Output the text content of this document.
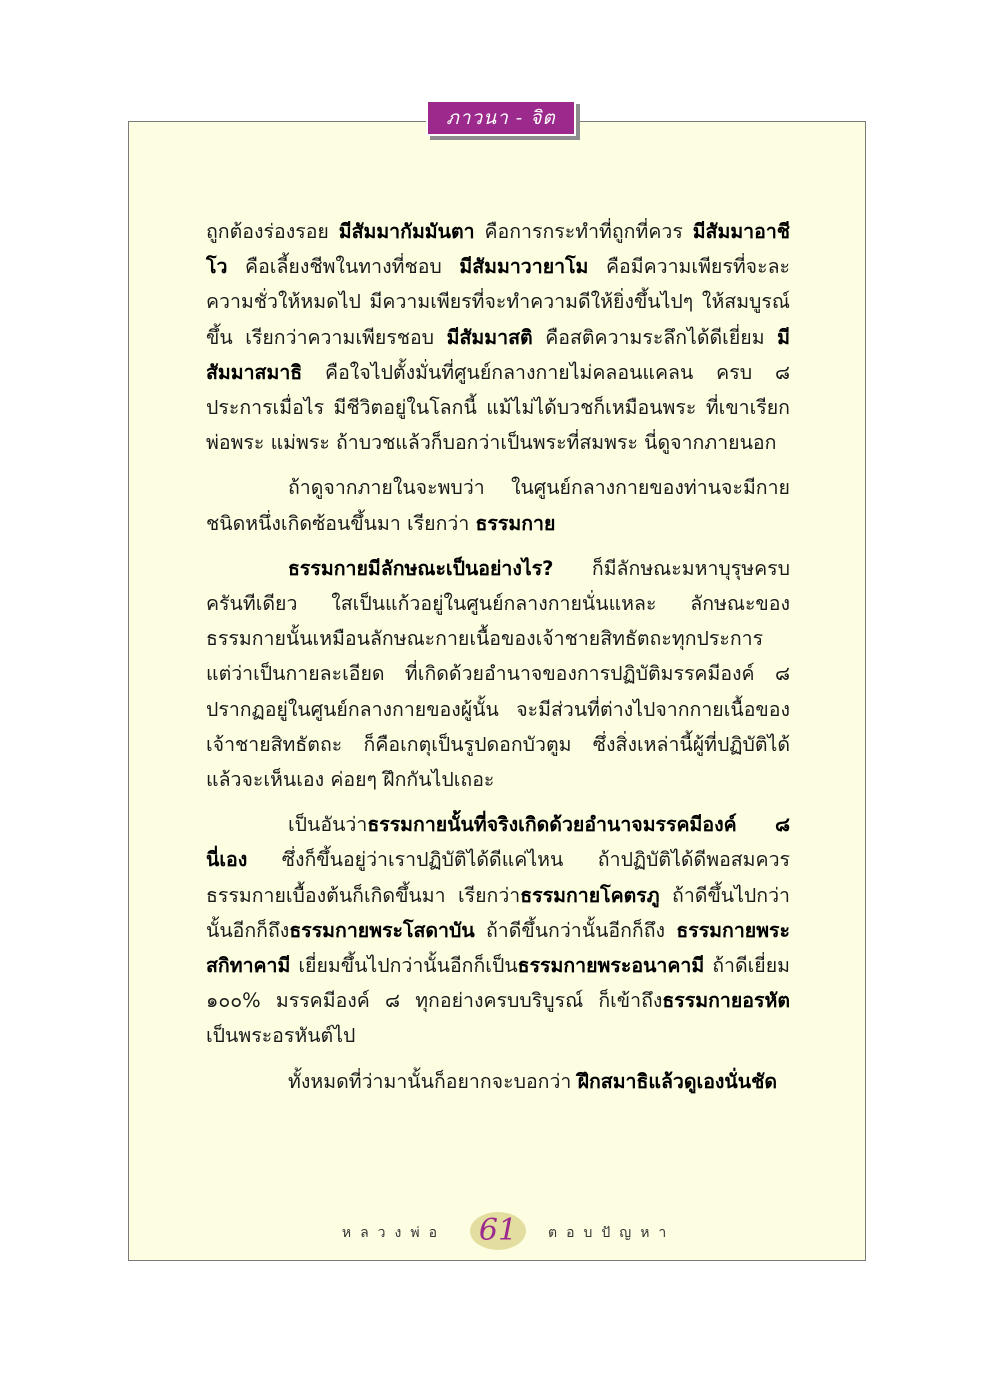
ภาวนา - จิต

ถูกต้องร่องรอย มีสัมมากัมมันตา คือการกระทำที่ถูกที่ควร มีสัมมาอาชีโว คือเลี้ยงชีพในทางที่ชอบ มีสัมมาวายาโม คือมีความเพียรที่จะละความชั่วให้หมดไป มีความเพียรที่จะทำความดีให้ยิ่งขึ้นไปๆ ให้สมบูรณ์ขึ้น เรียกว่าความเพียรชอบ มีสัมมาสติ คือสติความระลึกได้ดีเยี่ยม มีสัมมาสมาธิ คือใจไปตั้งมั่นที่ศูนย์กลางกายไม่คลอนแคลน ครบ ๘ ประการเมื่อไร มีชีวิตอยู่ในโลกนี้ แม้ไม่ได้บวชก็เหมือนพระ ที่เขาเรียกพ่อพระ แม่พระ ถ้าบวชแล้วก็บอกว่าเป็นพระที่สมพระ นี่ดูจากภายนอก

ถ้าดูจากภายในจะพบว่า ในศูนย์กลางกายของท่านจะมีกายชนิดหนึ่งเกิดซ้อนขึ้นมา เรียกว่า ธรรมกาย

ธรรมกายมีลักษณะเป็นอย่างไร? ก็มีลักษณะมหาบุรุษครบครันทีเดียว ใสเป็นแก้วอยู่ในศูนย์กลางกายนั่นแหละ ลักษณะของธรรมกายนั้นเหมือนลักษณะกายเนื้อของเจ้าชายสิทธัตถะทุกประการ แต่ว่าเป็นกายละเอียด ที่เกิดด้วยอำนาจของการปฏิบัติมรรคมีองค์ ๘ ปรากฏอยู่ในศูนย์กลางกายของผู้นั้น จะมีส่วนที่ต่างไปจากกายเนื้อของเจ้าชายสิทธัตถะ ก็คือเกตุเป็นรูปดอกบัวตูม ซึ่งสิ่งเหล่านี้ผู้ที่ปฏิบัติได้แล้วจะเห็นเอง ค่อยๆ ฝึกกันไปเถอะ

เป็นอันว่าธรรมกายนั้นที่จริงเกิดด้วยอำนาจมรรคมีองค์ ๘ นี่เอง ซึ่งก็ขึ้นอยู่ว่าเราปฏิบัติได้ดีแค่ไหน ถ้าปฏิบัติได้ดีพอสมควร ธรรมกายเบื้องต้นก็เกิดขึ้นมา เรียกว่าธรรมกายโคตรภู ถ้าดีขึ้นไปกว่านั้นอีกก็ถึงธรรมกายพระโสดาบัน ถ้าดีขึ้นกว่านั้นอีกก็ถึง ธรรมกายพระสกิทาคามี เยี่ยมขึ้นไปกว่านั้นอีกก็เป็นธรรมกายพระอนาคามี ถ้าดีเยี่ยม ๑๐๐% มรรคมีองค์ ๘ ทุกอย่างครบบริบูรณ์ ก็เข้าถึงธรรมกายอรหัต เป็นพระอรหันต์ไป

ทั้งหมดที่ว่ามานั้นก็อยากจะบอกว่า ฝึกสมาธิแล้วดูเองนั่นชัด

หลวงพ่อ 61	ตอบปัญหา
